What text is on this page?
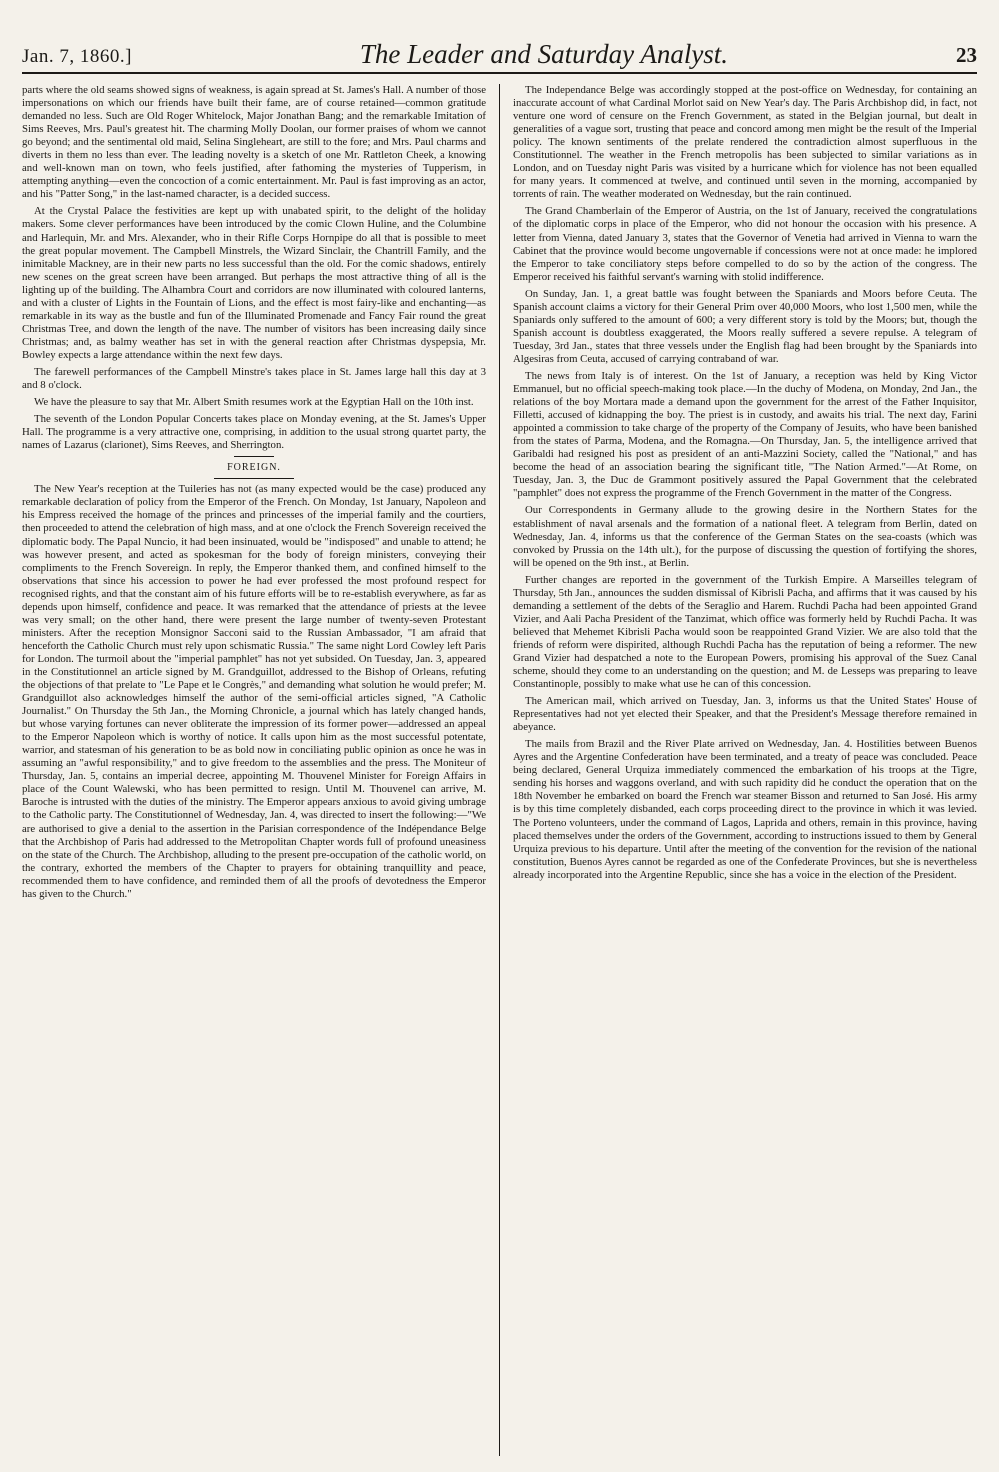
Jan. 7, 1860.]	The Leader and Saturday Analyst.	23

parts where the old seams showed signs of weakness, is again spread at St. James's Hall. A number of those impersonations on which our friends have built their fame, are of course retained—common gratitude demanded no less. Such are Old Roger Whitelock, Major Jonathan Bang; and the remarkable Imitation of Sims Reeves, Mrs. Paul's greatest hit. The charming Molly Doolan, our former praises of whom we cannot go beyond; and the sentimental old maid, Selina Singleheart, are still to the fore; and Mrs. Paul charms and diverts in them no less than ever. The leading novelty is a sketch of one Mr. Rattleton Cheek, a knowing and well-known man on town, who feels justified, after fathoming the mysteries of Tupperism, in attempting anything—even the concoction of a comic entertainment. Mr. Paul is fast improving as an actor, and his "Patter Song," in the last-named character, is a decided success.

At the Crystal Palace the festivities are kept up with unabated spirit, to the delight of the holiday makers. Some clever performances have been introduced by the comic Clown Huline, and the Columbine and Harlequin, Mr. and Mrs. Alexander, who in their Rifle Corps Hornpipe do all that is possible to meet the great popular movement. The Campbell Minstrels, the Wizard Sinclair, the Chantrill Family, and the inimitable Mackney, are in their new parts no less successful than the old. For the comic shadows, entirely new scenes on the great screen have been arranged. But perhaps the most attractive thing of all is the lighting up of the building. The Alhambra Court and corridors are now illuminated with coloured lanterns, and with a cluster of Lights in the Fountain of Lions, and the effect is most fairy-like and enchanting—as remarkable in its way as the bustle and fun of the Illuminated Promenade and Fancy Fair round the great Christmas Tree, and down the length of the nave. The number of visitors has been increasing daily since Christmas; and, as balmy weather has set in with the general reaction after Christmas dyspepsia, Mr. Bowley expects a large attendance within the next few days.

The farewell performances of the Campbell Minstre's takes place in St. James large hall this day at 3 and 8 o'clock.

We have the pleasure to say that Mr. Albert Smith resumes work at the Egyptian Hall on the 10th inst.

The seventh of the London Popular Concerts takes place on Monday evening, at the St. James's Upper Hall. The programme is a very attractive one, comprising, in addition to the usual strong quartet party, the names of Lazarus (clarionet), Sims Reeves, and Sherrington.

FOREIGN.

The New Year's reception at the Tuileries has not (as many expected would be the case) produced any remarkable declaration of policy from the Emperor of the French. On Monday, 1st January, Napoleon and his Empress received the homage of the princes and princesses of the imperial family and the courtiers, then proceeded to attend the celebration of high mass, and at one o'clock the French Sovereign received the diplomatic body. The Papal Nuncio, it had been insinuated, would be "indisposed" and unable to attend; he was however present, and acted as spokesman for the body of foreign ministers, conveying their compliments to the French Sovereign. In reply, the Emperor thanked them, and confined himself to the observations that since his accession to power he had ever professed the most profound respect for recognised rights, and that the constant aim of his future efforts will be to re-establish everywhere, as far as depends upon himself, confidence and peace. It was remarked that the attendance of priests at the levee was very small; on the other hand, there were present the large number of twenty-seven Protestant ministers. After the reception Monsignor Sacconi said to the Russian Ambassador, "I am afraid that henceforth the Catholic Church must rely upon schismatic Russia." The same night Lord Cowley left Paris for London. The turmoil about the "imperial pamphlet" has not yet subsided. On Tuesday, Jan. 3, appeared in the Constitutionnel an article signed by M. Grandguillot, addressed to the Bishop of Orleans, refuting the objections of that prelate to "Le Pape et le Congrès," and demanding what solution he would prefer; M. Grandguillot also acknowledges himself the author of the semi-official articles signed, "A Catholic Journalist." On Thursday the 5th Jan., the Morning Chronicle, a journal which has lately changed hands, but whose varying fortunes can never obliterate the impression of its former power—addressed an appeal to the Emperor Napoleon which is worthy of notice. It calls upon him as the most successful potentate, warrior, and statesman of his generation to be as bold now in conciliating public opinion as once he was in assuming an "awful responsibility," and to give freedom to the assemblies and the press. The Moniteur of Thursday, Jan. 5, contains an imperial decree, appointing M. Thouvenel Minister for Foreign Affairs in place of the Count Walewski, who has been permitted to resign. Until M. Thouvenel can arrive, M. Baroche is intrusted with the duties of the ministry. The Emperor appears anxious to avoid giving umbrage to the Catholic party. The Constitutionnel of Wednesday, Jan. 4, was directed to insert the following:—"We are authorised to give a denial to the assertion in the Parisian correspondence of the Indépendance Belge that the Archbishop of Paris had addressed to the Metropolitan Chapter words full of profound uneasiness on the state of the Church. The Archbishop, alluding to the present pre-occupation of the catholic world, on the contrary, exhorted the members of the Chapter to prayers for obtaining tranquillity and peace, recommended them to have confidence, and reminded them of all the proofs of devotedness the Emperor has given to the Church."

The Independance Belge was accordingly stopped at the post-office on Wednesday, for containing an inaccurate account of what Cardinal Morlot said on New Year's day. The Paris Archbishop did, in fact, not venture one word of censure on the French Government, as stated in the Belgian journal, but dealt in generalities of a vague sort, trusting that peace and concord among men might be the result of the Imperial policy. The known sentiments of the prelate rendered the contradiction almost superfluous in the Constitutionnel. The weather in the French metropolis has been subjected to similar variations as in London, and on Tuesday night Paris was visited by a hurricane which for violence has not been equalled for many years. It commenced at twelve, and continued until seven in the morning, accompanied by torrents of rain. The weather moderated on Wednesday, but the rain continued.

The Grand Chamberlain of the Emperor of Austria, on the 1st of January, received the congratulations of the diplomatic corps in place of the Emperor, who did not honour the occasion with his presence. A letter from Vienna, dated January 3, states that the Governor of Venetia had arrived in Vienna to warn the Cabinet that the province would become ungovernable if concessions were not at once made: he implored the Emperor to take conciliatory steps before compelled to do so by the action of the congress. The Emperor received his faithful servant's warning with stolid indifference.

On Sunday, Jan. 1, a great battle was fought between the Spaniards and Moors before Ceuta. The Spanish account claims a victory for their General Prim over 40,000 Moors, who lost 1,500 men, while the Spaniards only suffered to the amount of 600; a very different story is told by the Moors; but, though the Spanish account is doubtless exaggerated, the Moors really suffered a severe repulse. A telegram of Tuesday, 3rd Jan., states that three vessels under the English flag had been brought by the Spaniards into Algesiras from Ceuta, accused of carrying contraband of war.

The news from Italy is of interest. On the 1st of January, a reception was held by King Victor Emmanuel, but no official speech-making took place.—In the duchy of Modena, on Monday, 2nd Jan., the relations of the boy Mortara made a demand upon the government for the arrest of the Father Inquisitor, Filletti, accused of kidnapping the boy. The priest is in custody, and awaits his trial. The next day, Farini appointed a commission to take charge of the property of the Company of Jesuits, who have been banished from the states of Parma, Modena, and the Romagna.—On Thursday, Jan. 5, the intelligence arrived that Garibaldi had resigned his post as president of an anti-Mazzini Society, called the "National," and has become the head of an association bearing the significant title, "The Nation Armed."—At Rome, on Tuesday, Jan. 3, the Duc de Grammont positively assured the Papal Government that the celebrated "pamphlet" does not express the programme of the French Government in the matter of the Congress.

Our Correspondents in Germany allude to the growing desire in the Northern States for the establishment of naval arsenals and the formation of a national fleet. A telegram from Berlin, dated on Wednesday, Jan. 4, informs us that the conference of the German States on the sea-coasts (which was convoked by Prussia on the 14th ult.), for the purpose of discussing the question of fortifying the shores, will be opened on the 9th inst., at Berlin.

Further changes are reported in the government of the Turkish Empire. A Marseilles telegram of Thursday, 5th Jan., announces the sudden dismissal of Kibrisli Pacha, and affirms that it was caused by his demanding a settlement of the debts of the Seraglio and Harem. Ruchdi Pacha had been appointed Grand Vizier, and Aali Pacha President of the Tanzimat, which office was formerly held by Ruchdi Pacha. It was believed that Mehemet Kibrisli Pacha would soon be reappointed Grand Vizier. We are also told that the friends of reform were dispirited, although Ruchdi Pacha has the reputation of being a reformer. The new Grand Vizier had despatched a note to the European Powers, promising his approval of the Suez Canal scheme, should they come to an understanding on the question; and M. de Lesseps was preparing to leave Constantinople, possibly to make what use he can of this concession.

The American mail, which arrived on Tuesday, Jan. 3, informs us that the United States' House of Representatives had not yet elected their Speaker, and that the President's Message therefore remained in abeyance.

The mails from Brazil and the River Plate arrived on Wednesday, Jan. 4. Hostilities between Buenos Ayres and the Argentine Confederation have been terminated, and a treaty of peace was concluded. Peace being declared, General Urquiza immediately commenced the embarkation of his troops at the Tigre, sending his horses and waggons overland, and with such rapidity did he conduct the operation that on the 18th November he embarked on board the French war steamer Bisson and returned to San José. His army is by this time completely disbanded, each corps proceeding direct to the province in which it was levied. The Porteno volunteers, under the command of Lagos, Laprida and others, remain in this province, having placed themselves under the orders of the Government, according to instructions issued to them by General Urquiza previous to his departure. Until after the meeting of the convention for the revision of the national constitution, Buenos Ayres cannot be regarded as one of the Confederate Provinces, but she is nevertheless already incorporated into the Argentine Republic, since she has a voice in the election of the President.
